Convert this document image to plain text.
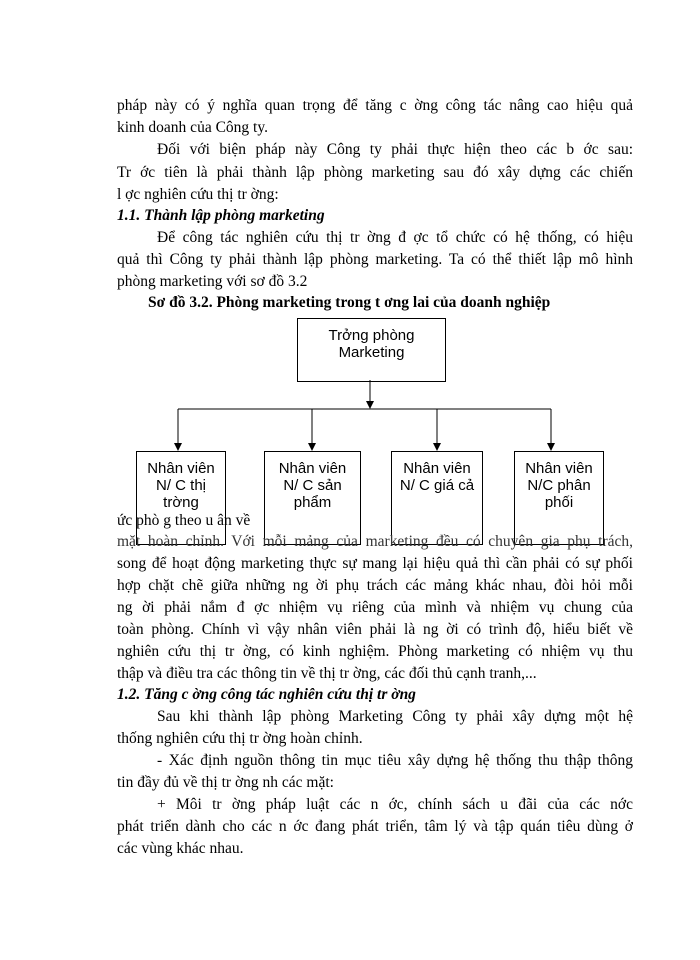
pháp này có ý nghĩa quan trọng để tăng c ờng công tác nâng cao hiệu quả
kinh doanh của Công ty.
Đối với biện pháp này Công ty phải thực hiện theo các b ớc sau:
Tr ớc tiên là phải thành lập phòng marketing sau đó xây dựng các chiến
l ợc nghiên cứu thị tr ờng:
1.1. Thành lập phòng marketing
Để công tác nghiên cứu thị tr ờng đ ợc tổ chức có hệ thống, có hiệu
quả thì Công ty phải thành lập phòng marketing. Ta có thể thiết lập mô hình
phòng marketing với sơ đồ 3.2
Sơ đồ 3.2. Phòng marketing trong t ơng lai của doanh nghiệp
Trởng phòng
Marketing
Nhân viên
N/ C thị
trờng
Nhân viên
N/ C sản
phẩm
Nhân viên
N/ C giá cả
Nhân viên
N/C phân
phối
ức phò g theo u ân về
mặt hoàn chỉnh. Với mỗi mảng của marketing đều có chuyên gia phụ trách,
song để hoạt động marketing thực sự mang lại hiệu quả thì cần phải có sự phối
hợp chặt chẽ giữa những ng ời phụ trách các mảng khác nhau, đòi hỏi mỗi
ng ời phải nắm đ ợc nhiệm vụ riêng của mình và nhiệm vụ chung của
toàn phòng. Chính vì vậy nhân viên phải là ng ời có trình độ, hiểu biết về
nghiên cứu thị tr ờng, có kinh nghiệm. Phòng marketing có nhiệm vụ thu
thập và điều tra các thông tin về thị tr ờng, các đối thủ cạnh tranh,...
1.2. Tăng c ờng công tác nghiên cứu thị tr ờng
Sau khi thành lập phòng Marketing Công ty phải xây dựng một hệ
thống nghiên cứu thị tr ờng hoàn chỉnh.
- Xác định nguồn thông tin mục tiêu xây dựng hệ thống thu thập thông
tin đầy đủ về thị tr ờng nh các mặt:
+ Môi tr ờng pháp luật các n ớc, chính sách u đãi của các nớc
phát triển dành cho các n ớc đang phát triển, tâm lý và tập quán tiêu dùng ở
các vùng khác nhau.
